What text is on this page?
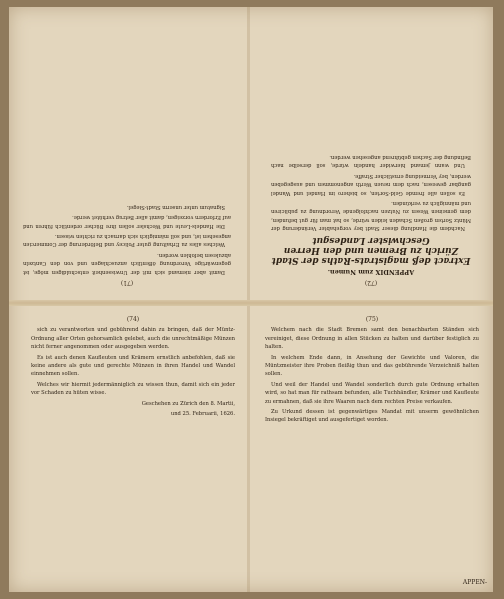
(72)
APPENDIX zum Numen.
Extract deß magistrats-Raths der Stadt Zürich zu Bremen und den Herren Geschwister Landesgut

Nachdem die Handlung dieser Stadt bey vorgehabter Veränderung der Müntz Sorten großen Schaden leiden würde, so hat man für gut befunden, dem gemeinen Wesen zu Nutzen nachfolgende Verordnung zu publiciren und männiglich zu verkünden.

Es sollen alle fremde Geld-Sorten, so bishero im Handel und Wandel gangbar gewesen, nach dem neuen Werth angenommen und ausgegeben werden, bey Vermeidung ernstlicher Straffe.

Und wann jemand hierwider handeln würde, soll derselbe nach Befindung der Sachen gebührend angesehen werden.

(71)

Damit aber niemand sich mit der Unwissenheit entschuldigen möge, ist gegenwärtige Verordnung öffentlich anzuschlagen und von den Cantzeln abzulesen befohlen worden.

Welches alles zu Erhaltung guter Policey und Beförderung der Commercien angesehen ist, und soll männiglich sich darnach zu richten wissen.

Die Handels-Leute und Wechsler sollen ihre Bücher ordentlich führen und auf Erfordern vorzeigen, damit aller Betrug verhütet werde.

Signatum unter unserm Stadt-Siegel.

(74)

sich zu verantworten und gebührend dahin zu bringen, daß der Müntz-Ordnung aller Orten gehorsamlich gelebet, auch die unrechtmäßige Münzen nicht ferner angenommen oder ausgegeben werden.

Es ist auch denen Kaufleuten und Krämern ernstlich anbefohlen, daß sie keine andere als gute und gerechte Münzen in ihren Handel und Wandel einnehmen sollen.

Welches wir hiermit jedermänniglich zu wissen thun, damit sich ein jeder vor Schaden zu hüten wisse.

Geschehen zu Zürich den 8. Martii,
und 25. Februarii, 1626.
(75)

Welchem nach die Stadt Bremen samt den benachbarten Ständen sich vereiniget, diese Ordnung in allen Stücken zu halten und darüber festiglich zu halten.

In welchem Ende dann, in Ansehung der Gewichte und Valoren, die Müntzmeister ihre Proben fleißig thun und das gebührende Verzeichniß halten sollen.

Und weil der Handel und Wandel sonderlich durch gute Ordnung erhalten wird, so hat man für rathsam befunden, alle Tuchhändler, Krämer und Kaufleute zu ermahnen, daß sie ihre Waaren nach dem rechten Preise verkaufen.

Zu Urkund dessen ist gegenwärtiges Mandat mit unserm gewöhnlichen Insiegel bekräftiget und ausgefertiget worden.

APPEN-
